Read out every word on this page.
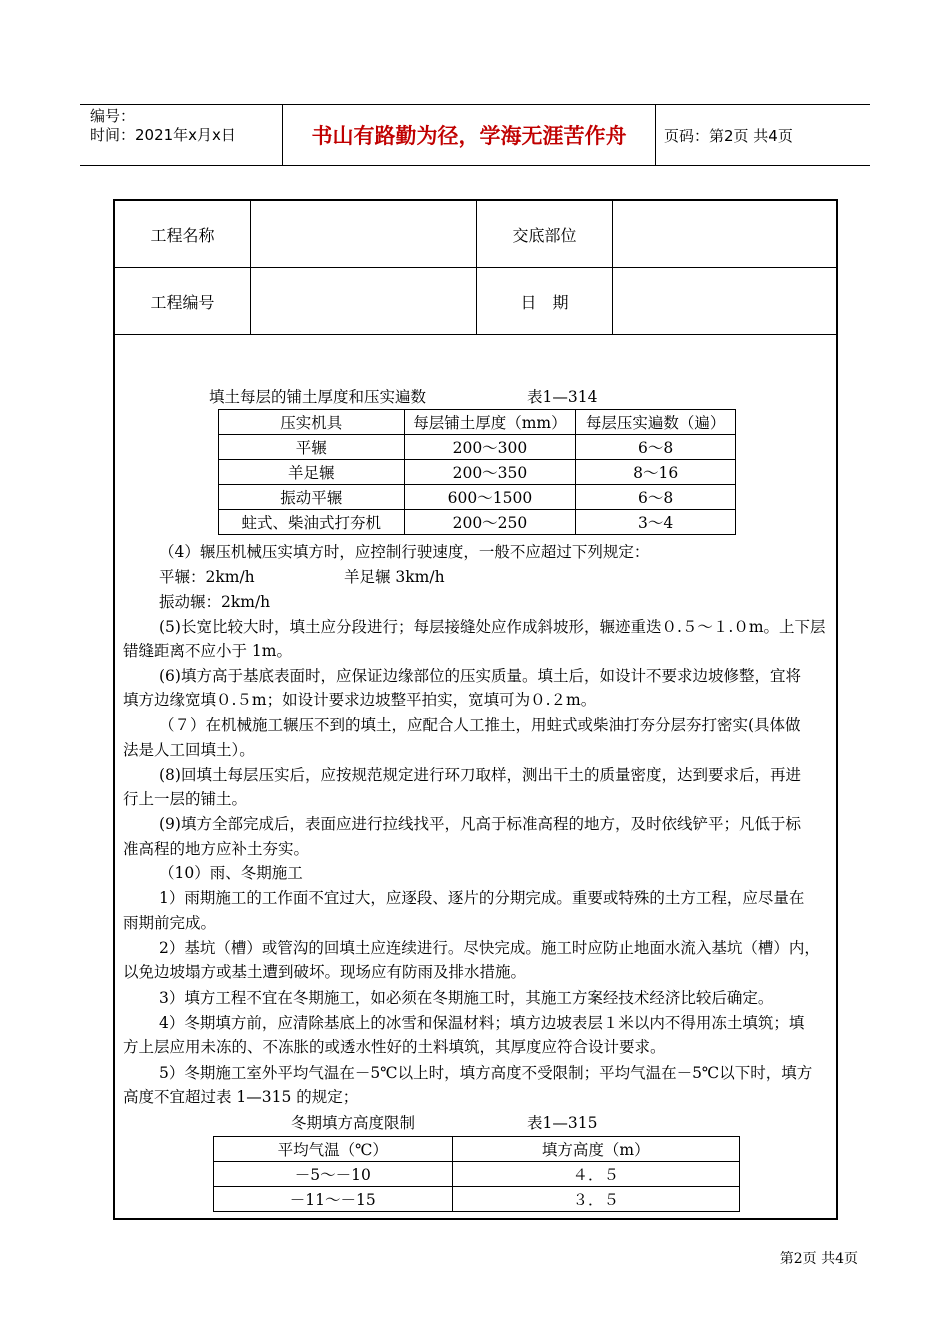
编号：
时间：2021年x月x日	书山有路勤为径，学海无涯苦作舟	页码：第2页 共4页
工程名称	交底部位
工程编号	日　期
填土每层的铺土厚度和压实遍数	表1—314
压实机具	每层铺土厚度（mm）	每层压实遍数（遍）
平辗	200～300	6～8
羊足辗	200～350	8～16
振动平辗	600～1500	6～8
蛀式、柴油式打夯机	200～250	3～4
（4）辗压机械压实填方时，应控制行驶速度，一般不应超过下列规定：
平辗：2km/h	羊足辗 3km/h
振动辗：2km/h
(5)长宽比较大时，填土应分段进行；每层接缝处应作成斜坡形，辗迹重迭０.５～１.０m。上下层
错缝距离不应小于 1m。
(6)填方高于基底表面时，应保证边缘部位的压实质量。填土后，如设计不要求边坡修整，宜将
填方边缘宽填０.５m；如设计要求边坡整平拍实，宽填可为０.２m。
（７）在机械施工辗压不到的填土，应配合人工推土，用蛀式或柴油打夯分层夯打密实(具体做
法是人工回填土）。
(8)回填土每层压实后，应按规范规定进行环刀取样，测出干土的质量密度，达到要求后，再进
行上一层的铺土。
(9)填方全部完成后，表面应进行拉线找平，凡高于标准高程的地方，及时依线铲平；凡低于标
准高程的地方应补土夯实。
（10）雨、冬期施工
1）雨期施工的工作面不宜过大，应逐段、逐片的分期完成。重要或特殊的土方工程，应尽量在
雨期前完成。
2）基坑（槽）或管沟的回填土应连续进行。尽快完成。施工时应防止地面水流入基坑（槽）内，
以免边坡塌方或基土遭到破坏。现场应有防雨及排水措施。
3）填方工程不宜在冬期施工，如必须在冬期施工时，其施工方案经技术经济比较后确定。
4）冬期填方前，应清除基底上的冰雪和保温材料；填方边坡表层１米以内不得用冻土填筑；填
方上层应用未冻的、不冻胀的或透水性好的土料填筑，其厚度应符合设计要求。
5）冬期施工室外平均气温在－5℃以上时，填方高度不受限制；平均气温在－5℃以下时，填方
高度不宜超过表 1—315 的规定；
冬期填方高度限制	表1—315
平均气温（℃）	填方高度（m）
－5～－10	４．５
－11～－15	３．５
第2页 共4页
